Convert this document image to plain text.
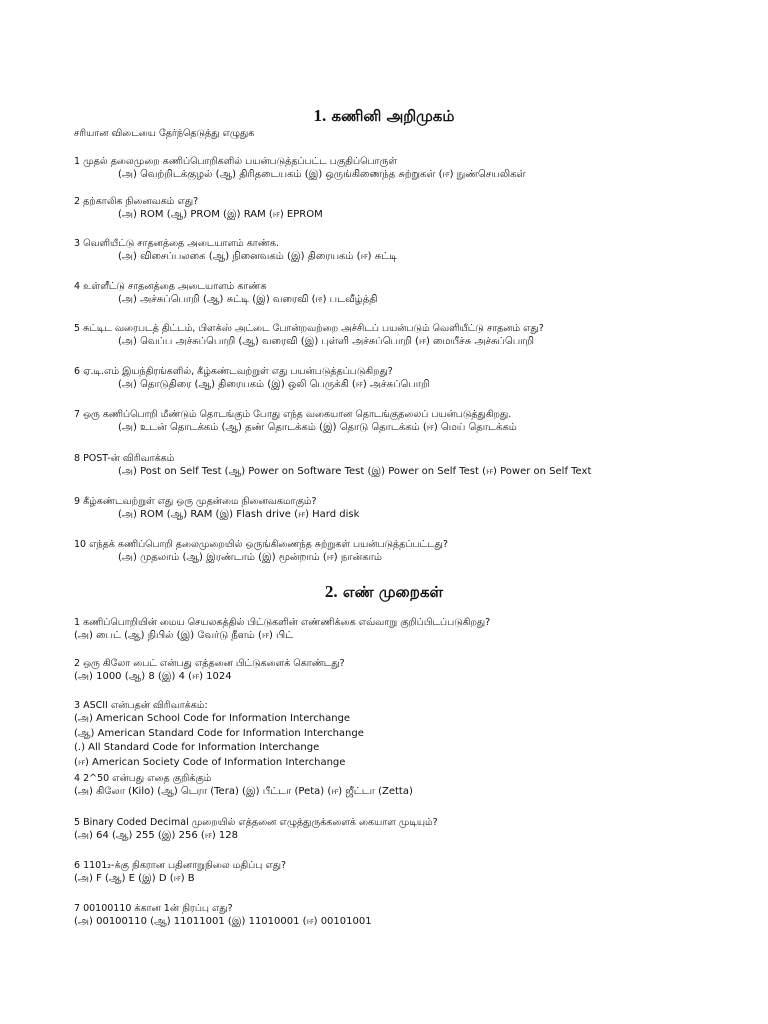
1. கணினி அறிமுகம்
சரியான விடையை தேர்ந்தெடுத்து எழுதுக
1 முதல் தலைமுறை கணிப்பொறிகளில் பயன்படுத்தப்பட்ட பகுதிப்பொருள்
(அ) வெற்றிடக்குழல் (ஆ) திரிதடையகம் (இ) ஒருங்கிணைந்த சுற்றுகள் (ஈ) நுண்செயலிகள்
2 தற்காலிக நினைவகம் எது?
(அ) ROM (ஆ) PROM (இ) RAM (ஈ) EPROM
3 வெளியீட்டு சாதனத்தை அடையாளம் காண்க.
(அ) விசைப்பலகை (ஆ) நினைவகம் (இ) திரையகம் (ஈ) சுட்டி
4 உள்ளீட்டு சாதனத்தை அடையாளம் காண்க
(அ) அச்சுப்பொறி (ஆ) சுட்டி (இ) வரைவி (ஈ) படவீழ்த்தி
5 சுட்டிட வரைபடத் திட்டம், பிளக்ஸ் அட்டை போன்றவற்றை அச்சிடப் பயன்படும் வெளியீட்டு சாதனம் எது?
(அ) வெப்ப அச்சுப்பொறி (ஆ) வரைவி (இ) புள்ளி அச்சுப்பொறி (ஈ) மையீச்சு அச்சுப்பொறி
6 ஏ.டி.எம் இயந்திரங்களில், கீழ்கண்டவற்றுள் எது பயன்படுத்தப்படுகிறது?
(அ) தொடுதிரை (ஆ) திரையகம் (இ) ஒலி பெருக்கி (ஈ) அச்சுப்பொறி
7 ஒரு கணிப்பொறி மீண்டும் தொடங்கும் போது எந்த வகையான தொடங்குதலைப் பயன்படுத்துகிறது.
(அ) உடன் தொடக்கம் (ஆ) தண் தொடக்கம் (இ) தொடு தொடக்கம் (ஈ) மெய் தொடக்கம்
8 POST-ன் விரிவாக்கம்
(அ) Post on Self Test (ஆ) Power on Software Test (இ) Power on Self Test (ஈ) Power on Self Text
9 கீழ்கண்டவற்றுள் எது ஒரு முதன்மை நினைவகமாகும்?
(அ) ROM (ஆ) RAM (இ) Flash drive (ஈ) Hard disk
10 எந்தக் கணிப்பொறி தலைமுறையில் ஒருங்கிணைந்த சுற்றுகள் பயன்படுத்தப்பட்டது?
(அ) முதலாம் (ஆ) இரண்டாம் (இ) மூன்றாம் (ஈ) நான்காம்
2. எண் முறைகள்
1 கணிப்பொறியின் மைய செயலகத்தில் பிட்டுகளின் எண்ணிக்கை எவ்வாறு குறிப்பிடப்படுகிறது?
(அ) பைட் (ஆ) நிபில் (இ) வேர்டு நீளம் (ஈ) பிட்
2 ஒரு கிலோ பைட் என்பது எத்தனை பிட்டுகளைக் கொண்டது?
(அ) 1000 (ஆ) 8 (இ) 4 (ஈ) 1024
3 ASCII என்பதன் விரிவாக்கம்:
(அ) American School Code for Information Interchange
(ஆ) American Standard Code for Information Interchange
(.) All Standard Code for Information Interchange
(ஈ) American Society Code of Information Interchange
4 2^50 என்பது எதை குறிக்கும்
(அ) கிலோ (Kilo) (ஆ) டெரா (Tera) (இ) பீட்டா (Peta) (ஈ) ஜீட்டா (Zetta)
5 Binary Coded Decimal முறையில் எத்தனை எழுத்துருக்களைக் கையாள முடியும்?
(அ) 64 (ஆ) 255 (இ) 256 (ஈ) 128
6 1101₂-க்கு நிகரான பதினாறுநிலை மதிப்பு எது?
(அ) F (ஆ) E (இ) D (ஈ) B
7 00100110 க்கான 1ன் நிரப்பு எது?
(அ) 00100110 (ஆ) 11011001 (இ) 11010001 (ஈ) 00101001
